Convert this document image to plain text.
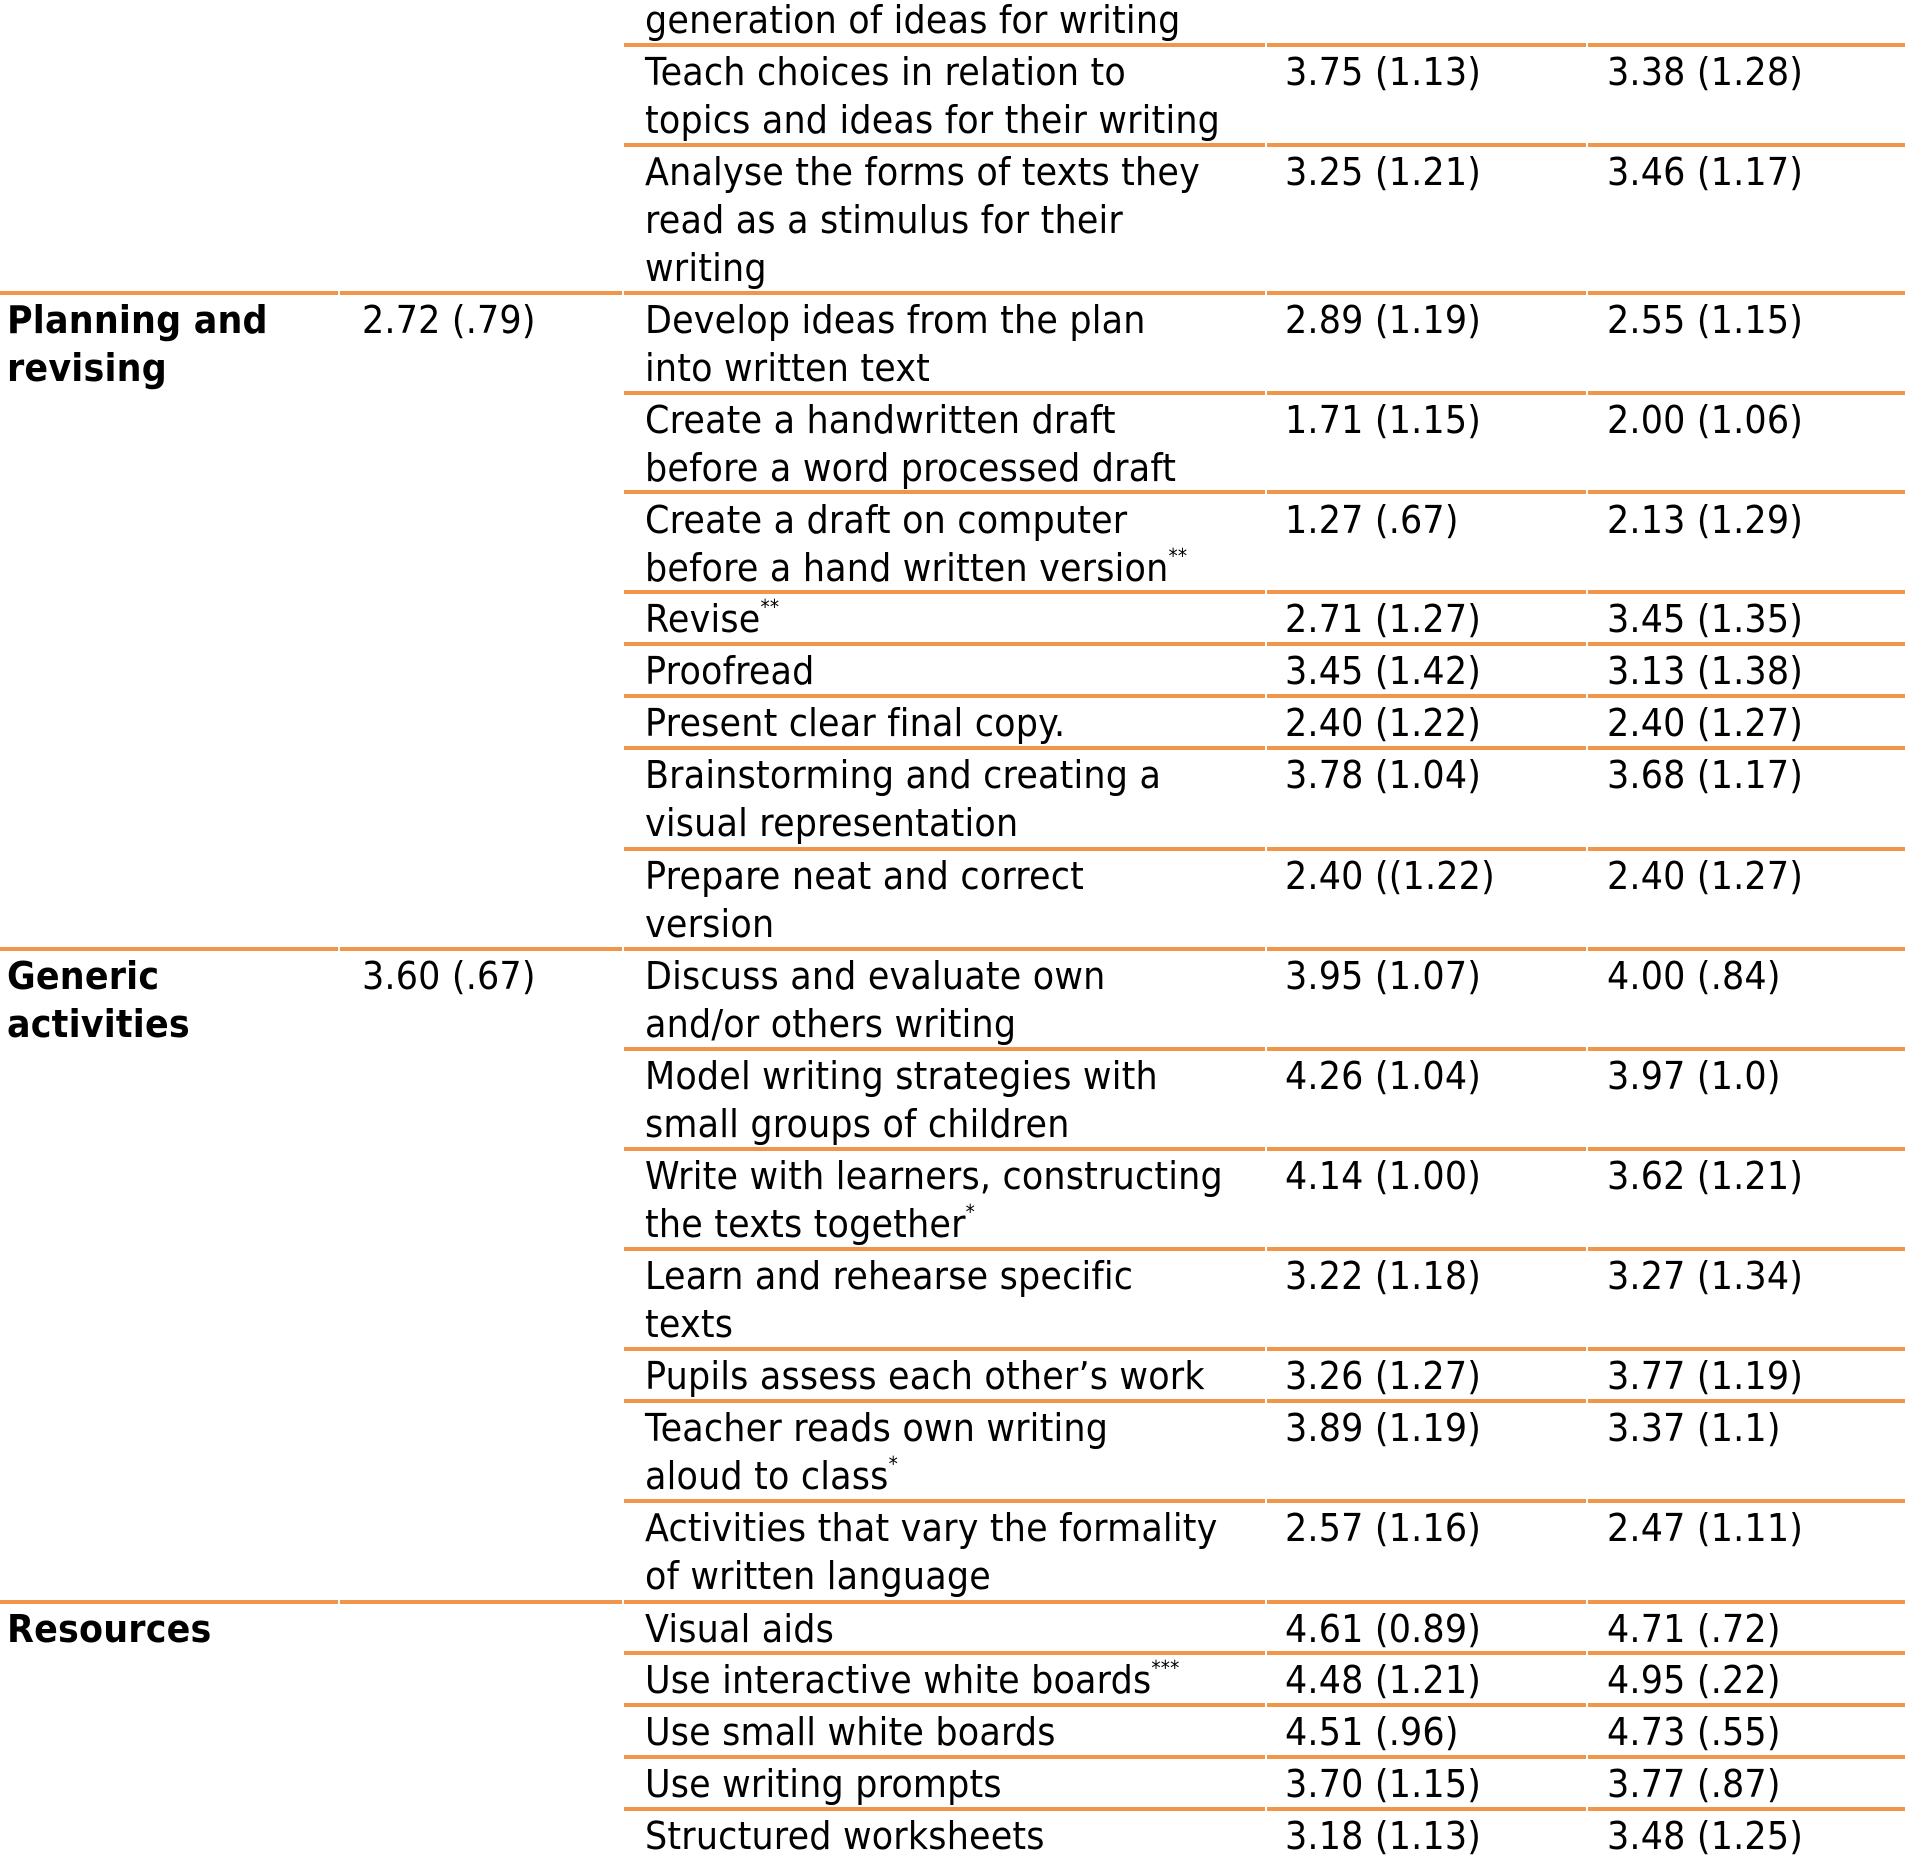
generation of ideas for writing
Teach choices in relation to
topics and ideas for their writing
3.75 (1.13)	3.38 (1.28)
Analyse the forms of texts they
read as a stimulus for their
writing
3.25 (1.21)	3.46 (1.17)
Planning and
revising
2.72 (.79)	Develop ideas from the plan
into written text
2.89 (1.19)	2.55 (1.15)
Create a handwritten draft
before a word processed draft
1.71 (1.15)	2.00 (1.06)
Create a draft on computer
before a hand written version**
1.27 (.67)	2.13 (1.29)
Revise**	2.71 (1.27)	3.45 (1.35)
Proofread	3.45 (1.42)	3.13 (1.38)
Present clear final copy.	2.40 (1.22)	2.40 (1.27)
Brainstorming and creating a
visual representation
3.78 (1.04)	3.68 (1.17)
Prepare neat and correct
version
2.40 ((1.22)	2.40 (1.27)
Generic
activities
3.60 (.67)	Discuss and evaluate own
and/or others writing
3.95 (1.07)	4.00 (.84)
Model writing strategies with
small groups of children
4.26 (1.04)	3.97 (1.0)
Write with learners, constructing
the texts together*
4.14 (1.00)	3.62 (1.21)
Learn and rehearse specific
texts
3.22 (1.18)	3.27 (1.34)
Pupils assess each other’s work 3.26 (1.27)	3.77 (1.19)
Teacher reads own writing
aloud to class*
3.89 (1.19)	3.37 (1.1)
Activities that vary the formality
of written language
2.57 (1.16)	2.47 (1.11)
Resources	Visual aids	4.61 (0.89)	4.71 (.72)
Use interactive white boards***	4.48 (1.21)	4.95 (.22)
Use small white boards	4.51 (.96)	4.73 (.55)
Use writing prompts	3.70 (1.15)	3.77 (.87)
Structured worksheets	3.18 (1.13)	3.48 (1.25)
